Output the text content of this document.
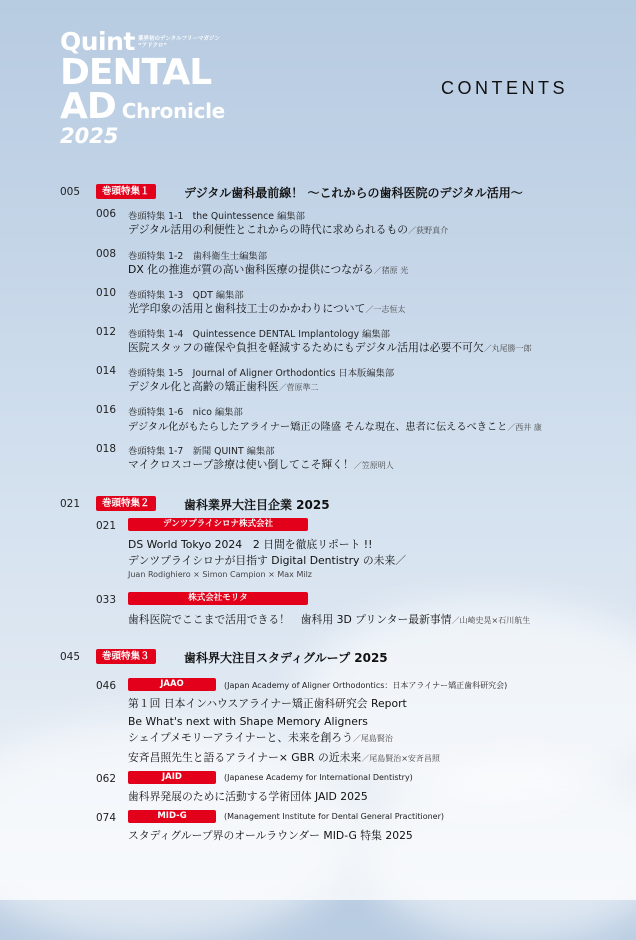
Quint 業界初のデンタルフリーマガジン
“アドクロ”
DENTAL
AD Chronicle
2025
CONTENTS
005	巻頭特集１	デジタル歯科最前線！ ～これからの歯科医院のデジタル活用～
006 巻頭特集 1-1　the Quintessence 編集部
デジタル活用の利便性とこれからの時代に求められるもの／荻野真介
008 巻頭特集 1-2　歯科衛生士編集部
DX 化の推進が質の高い歯科医療の提供につながる／猪原 光
010 巻頭特集 1-3　QDT 編集部
光学印象の活用と歯科技工士のかかわりについて／一志恒太
012 巻頭特集 1-4　Quintessence DENTAL Implantology 編集部
医院スタッフの確保や負担を軽減するためにもデジタル活用は必要不可欠／丸尾勝一郎
014 巻頭特集 1-5　Journal of Aligner Orthodontics 日本版編集部
デジタル化と高齢の矯正歯科医／菅原準二
016 巻頭特集 1-6　nico 編集部
デジタル化がもたらしたアライナー矯正の隆盛 そんな現在、患者に伝えるべきこと／西井 康
018 巻頭特集 1-7　新聞 QUINT 編集部
マイクロスコープ診療は使い倒してこそ輝く！／笠原明人
021	巻頭特集２	歯科業界大注目企業 2025
021	デンツプライシロナ株式会社
DS World Tokyo 2024　2 日間を徹底リポート !!
デンツプライシロナが目指す Digital Dentistry の未来／
Juan Rodighiero × Simon Campion × Max Milz
033	株式会社モリタ
歯科医院でここまで活用できる！　歯科用 3D プリンター最新事情／山崎史晃×石川航生
045	巻頭特集３	歯科界大注目スタディグループ 2025
046	JAAO	(Japan Academy of Aligner Orthodontics：日本アライナー矯正歯科研究会)
第１回 日本インハウスアライナー矯正歯科研究会 Report
Be What's next with Shape Memory Aligners
シェイプメモリーアライナーと、未来を創ろう／尾島賢治
安斉昌照先生と語るアライナー× GBR の近未来／尾島賢治×安斉昌照
062	JAID	(Japanese Academy for International Dentistry)
歯科界発展のために活動する学術団体 JAID 2025
074	MID-G	(Management Institute for Dental General Practitioner)
スタディグループ界のオールラウンダー MID-G 特集 2025
